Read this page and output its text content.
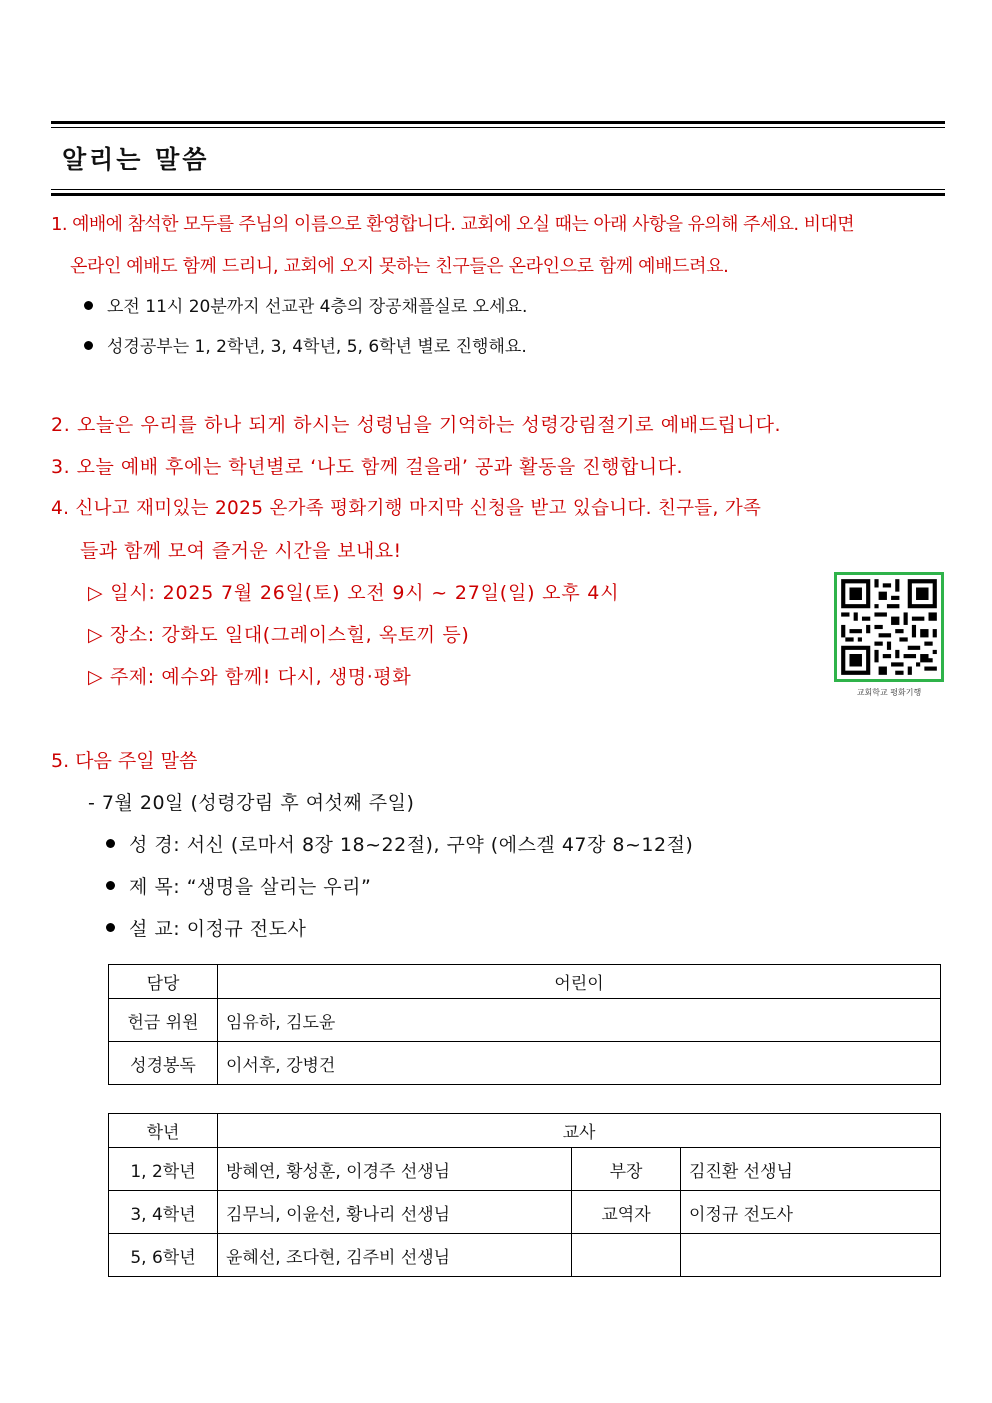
알리는 말씀
1. 예배에 참석한 모두를 주님의 이름으로 환영합니다. 교회에 오실 때는 아래 사항을 유의해 주세요. 비대면
온라인 예배도 함께 드리니, 교회에 오지 못하는 친구들은 온라인으로 함께 예배드려요.
오전 11시 20분까지 선교관 4층의 장공채플실로 오세요.
성경공부는 1, 2학년, 3, 4학년, 5, 6학년 별로 진행해요.
2. 오늘은 우리를 하나 되게 하시는 성령님을 기억하는 성령강림절기로 예배드립니다.
3. 오늘 예배 후에는 학년별로 ‘나도 함께 걸을래’ 공과 활동을 진행합니다.
4. 신나고 재미있는 2025 온가족 평화기행 마지막 신청을 받고 있습니다. 친구들, 가족
들과 함께 모여 즐거운 시간을 보내요!
▷ 일시: 2025 7월 26일(토) 오전 9시 ~ 27일(일) 오후 4시
▷ 장소: 강화도 일대(그레이스힐, 옥토끼 등)
▷ 주제: 예수와 함께! 다시, 생명·평화
교회학교 평화기행
5. 다음 주일 말씀
- 7월 20일 (성령강림 후 여섯째 주일)
성 경: 서신 (로마서 8장 18~22절), 구약 (에스겔 47장 8~12절)
제 목: “생명을 살리는 우리”
설 교: 이정규 전도사
담당	어린이
헌금 위원	임유하, 김도윤
성경봉독	이서후, 강병건
학년	교사		
1, 2학년	방혜연, 황성훈, 이경주 선생님	부장	김진환 선생님
3, 4학년	김무늬, 이윤선, 황나리 선생님	교역자	이정규 전도사
5, 6학년	윤혜선, 조다현, 김주비 선생님		
